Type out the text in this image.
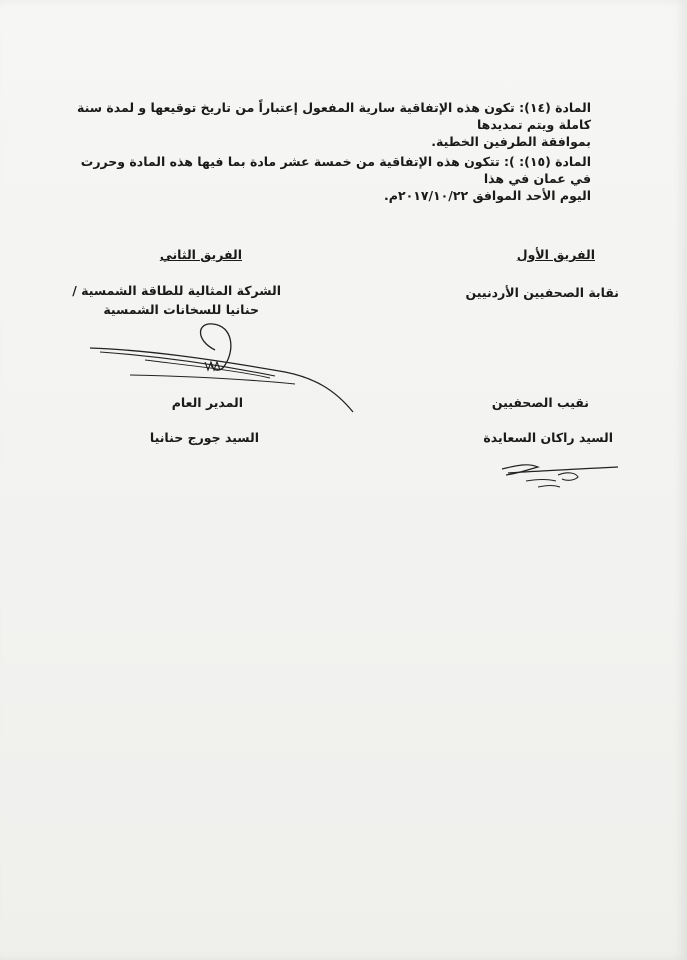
المادة (١٤): تكون هذه الإتفاقية سارية المفعول إعتباراً من تاريخ توقيعها و لمدة سنة كاملة ويتم تمديدها
بموافقة الطرفين الخطية.
المادة (١٥): ): تتكون هذه الإتفاقية من خمسة عشر مادة بما فيها هذه المادة وحررت في عمان في هذا
اليوم الأحد الموافق ٢٠١٧/١٠/٢٢م.
الفريق الأول
الفريق الثاني
نقابة الصحفيين الأردنيين
نقيب الصحفيين
السيد راكان السعايدة
الشركة المثالية للطاقة الشمسية /
حنانيا للسخانات الشمسية
المدير العام
السيد جورج حنانيا
